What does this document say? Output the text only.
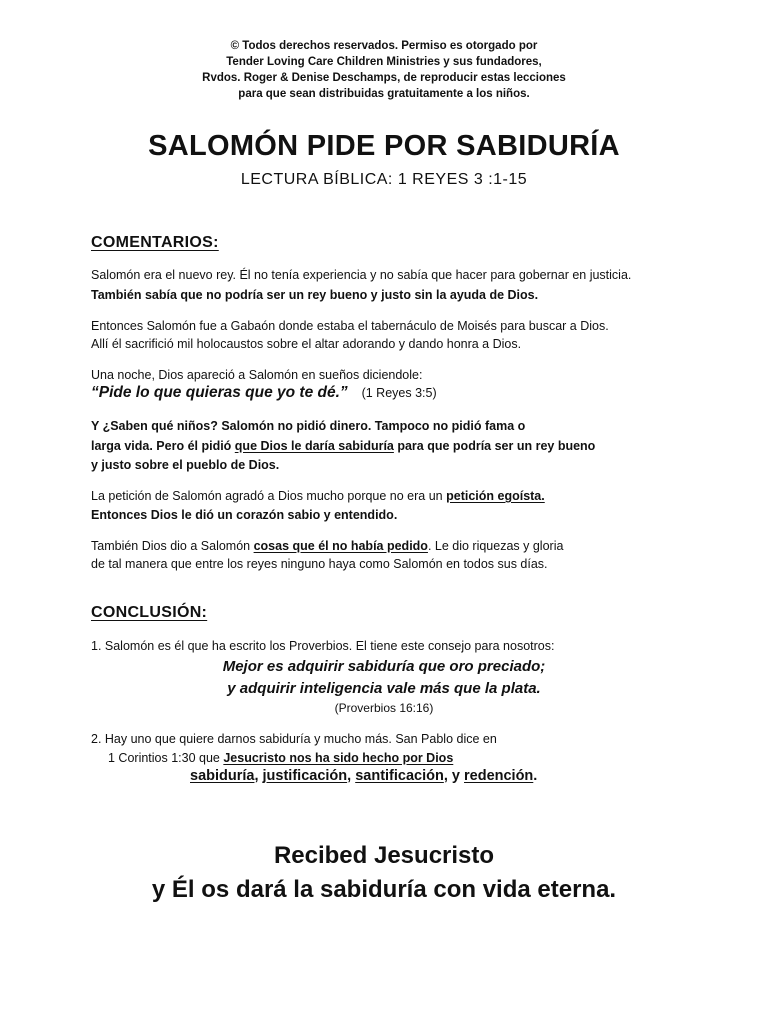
© Todos derechos reservados. Permiso es otorgado por
Tender Loving Care Children Ministries y sus fundadores,
Rvdos. Roger & Denise Deschamps, de reproducir estas lecciones
para que sean distribuidas gratuitamente a los niños.
SALOMÓN PIDE POR SABIDURÍA
LECTURA BÍBLICA: 1 REYES 3 :1-15
COMENTARIOS:
Salomón era el nuevo rey. Él no tenía experiencia y no sabía que hacer para gobernar en justicia.
También sabía que no podría ser un rey bueno y justo sin la ayuda de Dios.
Entonces Salomón fue a Gabaón donde estaba el tabernáculo de Moisés para buscar a Dios.
Allí él sacrifició mil holocaustos sobre el altar adorando y dando honra a Dios.
Una noche, Dios apareció a Salomón en sueños diciendole:
“Pide lo que quieras que yo te dé.” (1 Reyes 3:5)
Y ¿Saben qué niños? Salomón no pidió dinero. Tampoco no pidió fama o
larga vida. Pero él pidió que Dios le daría sabiduría para que podría ser un rey bueno
y justo sobre el pueblo de Dios.
La petición de Salomón agradó a Dios mucho porque no era un petición egoísta.
Entonces Dios le dió un corazón sabio y entendido.
También Dios dio a Salomón cosas que él no había pedido. Le dio riquezas y gloria
de tal manera que entre los reyes ninguno haya como Salomón en todos sus días.
CONCLUSIÓN:
1. Salomón es él que ha escrito los Proverbios. El tiene este consejo para nosotros:
Mejor es adquirir sabiduría que oro preciado;
y adquirir inteligencia vale más que la plata.
(Proverbios 16:16)
2. Hay uno que quiere darnos sabiduría y mucho más. San Pablo dice en
1 Corintios 1:30 que Jesucristo nos ha sido hecho por Dios
sabiduría, justificación, santificación, y redención.
Recibed Jesucristo
y Él os dará la sabiduría con vida eterna.
